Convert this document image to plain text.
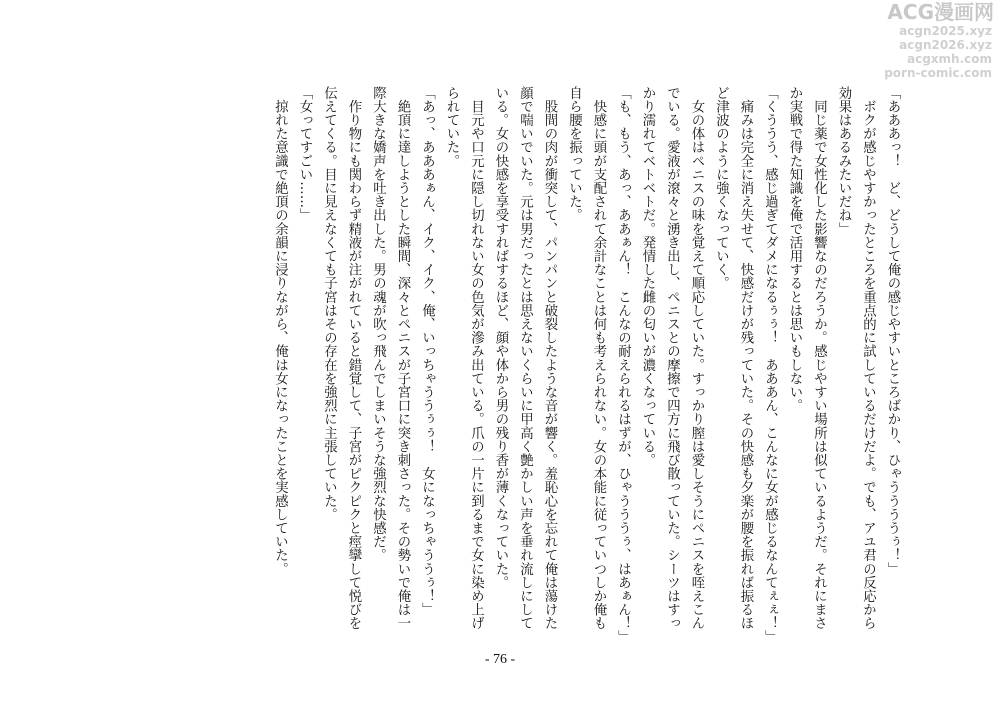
「あああっ！　ど、どうして俺の感じやすいところばかり、ひゃううううぅ！」

　ボクが感じやすかったところを重点的に試しているだけだよ。でも、アユ君の反応から

効果はあるみたいだね」

　同じ薬で女性化した影響なのだろうか。感じやすい場所は似ているようだ。それにまさ

か実戦で得た知識を俺で活用するとは思いもしない。

「くううう、感じ過ぎてダメになるぅぅ！　あああん、こんなに女が感じるなんてぇぇ！」

　痛みは完全に消え失せて、快感だけが残っていた。その快感も夕楽が腰を振れば振るほ

ど津波のように強くなっていく。

　女の体はペニスの味を覚えて順応していた。すっかり膣は愛しそうにペニスを咥えこん

でいる。愛液が滾々と湧き出し、ペニスとの摩擦で四方に飛び散っていた。シーツはすっ

かり濡れてベトベトだ。発情した雌の匂いが濃くなっている。

「も、もう、あっ、ああぁん！　こんなの耐えられるはずが、ひゃうううぅ、はあぁん！」

　快感に頭が支配されて余計なことは何も考えられない。女の本能に従っていつしか俺も

自ら腰を振っていた。

　股間の肉が衝突して、パンパンと破裂したような音が響く。羞恥心を忘れて俺は蕩けた

顔で喘いでいた。元は男だったとは思えないくらいに甲高く艶かしい声を垂れ流しにして

いる。女の快感を享受すればするほど、顔や体から男の残り香が薄くなっていた。

　目元や口元に隠し切れない女の色気が滲み出ている。爪の一片に到るまで女に染め上げ

られていた。

「あっ、あああぁん、イク、イク、俺、いっちゃううぅぅ！　女になっちゃううぅ！」

　絶頂に達しようとした瞬間、深々とペニスが子宮口に突き刺さった。その勢いで俺は一

際大きな嬌声を吐き出した。男の魂が吹っ飛んでしまいそうな強烈な快感だ。

　作り物にも関わらず精液が注がれていると錯覚して、子宮がピクピクと痙攣して悦びを

伝えてくる。目に見えなくても子宮はその存在を強烈に主張していた。

「女ってすごい……」

　掠れた意識で絶頂の余韻に浸りながら、俺は女になったことを実感していた。

- 76 -
ACG漫画网
acgn2025.xyz
acgn2026.xyz
acgxmh.com
porn-comic.com
